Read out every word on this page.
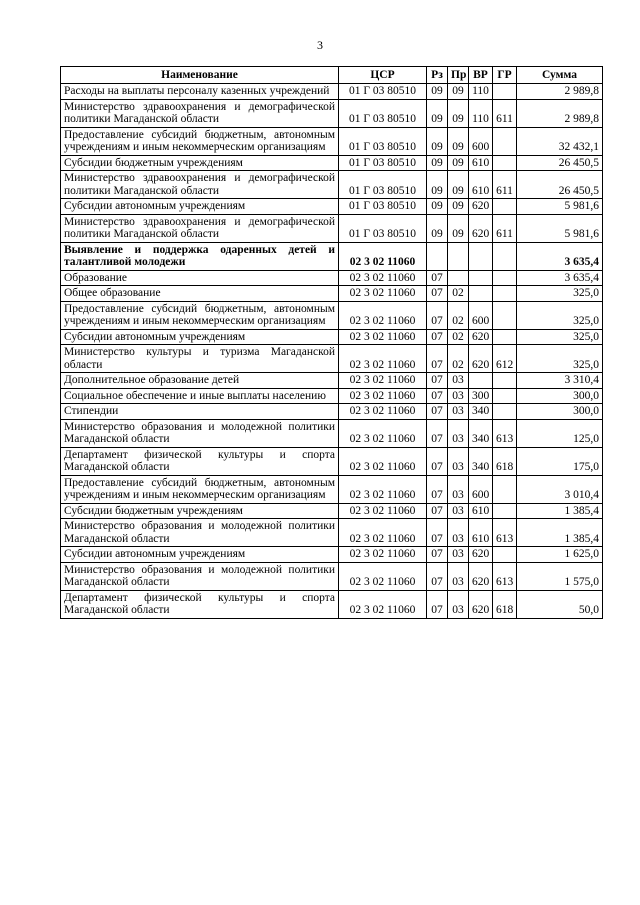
3
Наименование	ЦСР	Рз	Пр	ВР	ГР	Сумма
Расходы на выплаты персоналу казенных учреждений	01 Г 03 80510	09	09	110		2 989,8
Министерство здравоохранения и демографической политики Магаданской области	01 Г 03 80510	09	09	110	611	2 989,8
Предоставление субсидий бюджетным, автономным учреждениям и иным некоммерческим организациям	01 Г 03 80510	09	09	600		32 432,1
Субсидии бюджетным учреждениям	01 Г 03 80510	09	09	610		26 450,5
Министерство здравоохранения и демографической политики Магаданской области	01 Г 03 80510	09	09	610	611	26 450,5
Субсидии автономным учреждениям	01 Г 03 80510	09	09	620		5 981,6
Министерство здравоохранения и демографической политики Магаданской области	01 Г 03 80510	09	09	620	611	5 981,6
Выявление и поддержка одаренных детей и талантливой молодежи	02 3 02 11060					3 635,4
Образование	02 3 02 11060	07				3 635,4
Общее образование	02 3 02 11060	07	02			325,0
Предоставление субсидий бюджетным, автономным учреждениям и иным некоммерческим организациям	02 3 02 11060	07	02	600		325,0
Субсидии автономным учреждениям	02 3 02 11060	07	02	620		325,0
Министерство культуры и туризма Магаданской области	02 3 02 11060	07	02	620	612	325,0
Дополнительное образование детей	02 3 02 11060	07	03			3 310,4
Социальное обеспечение и иные выплаты населению	02 3 02 11060	07	03	300		300,0
Стипендии	02 3 02 11060	07	03	340		300,0
Министерство образования и молодежной политики Магаданской области	02 3 02 11060	07	03	340	613	125,0
Департамент физической культуры и спорта Магаданской области	02 3 02 11060	07	03	340	618	175,0
Предоставление субсидий бюджетным, автономным учреждениям и иным некоммерческим организациям	02 3 02 11060	07	03	600		3 010,4
Субсидии бюджетным учреждениям	02 3 02 11060	07	03	610		1 385,4
Министерство образования и молодежной политики Магаданской области	02 3 02 11060	07	03	610	613	1 385,4
Субсидии автономным учреждениям	02 3 02 11060	07	03	620		1 625,0
Министерство образования и молодежной политики Магаданской области	02 3 02 11060	07	03	620	613	1 575,0
Департамент физической культуры и спорта Магаданской области	02 3 02 11060	07	03	620	618	50,0
